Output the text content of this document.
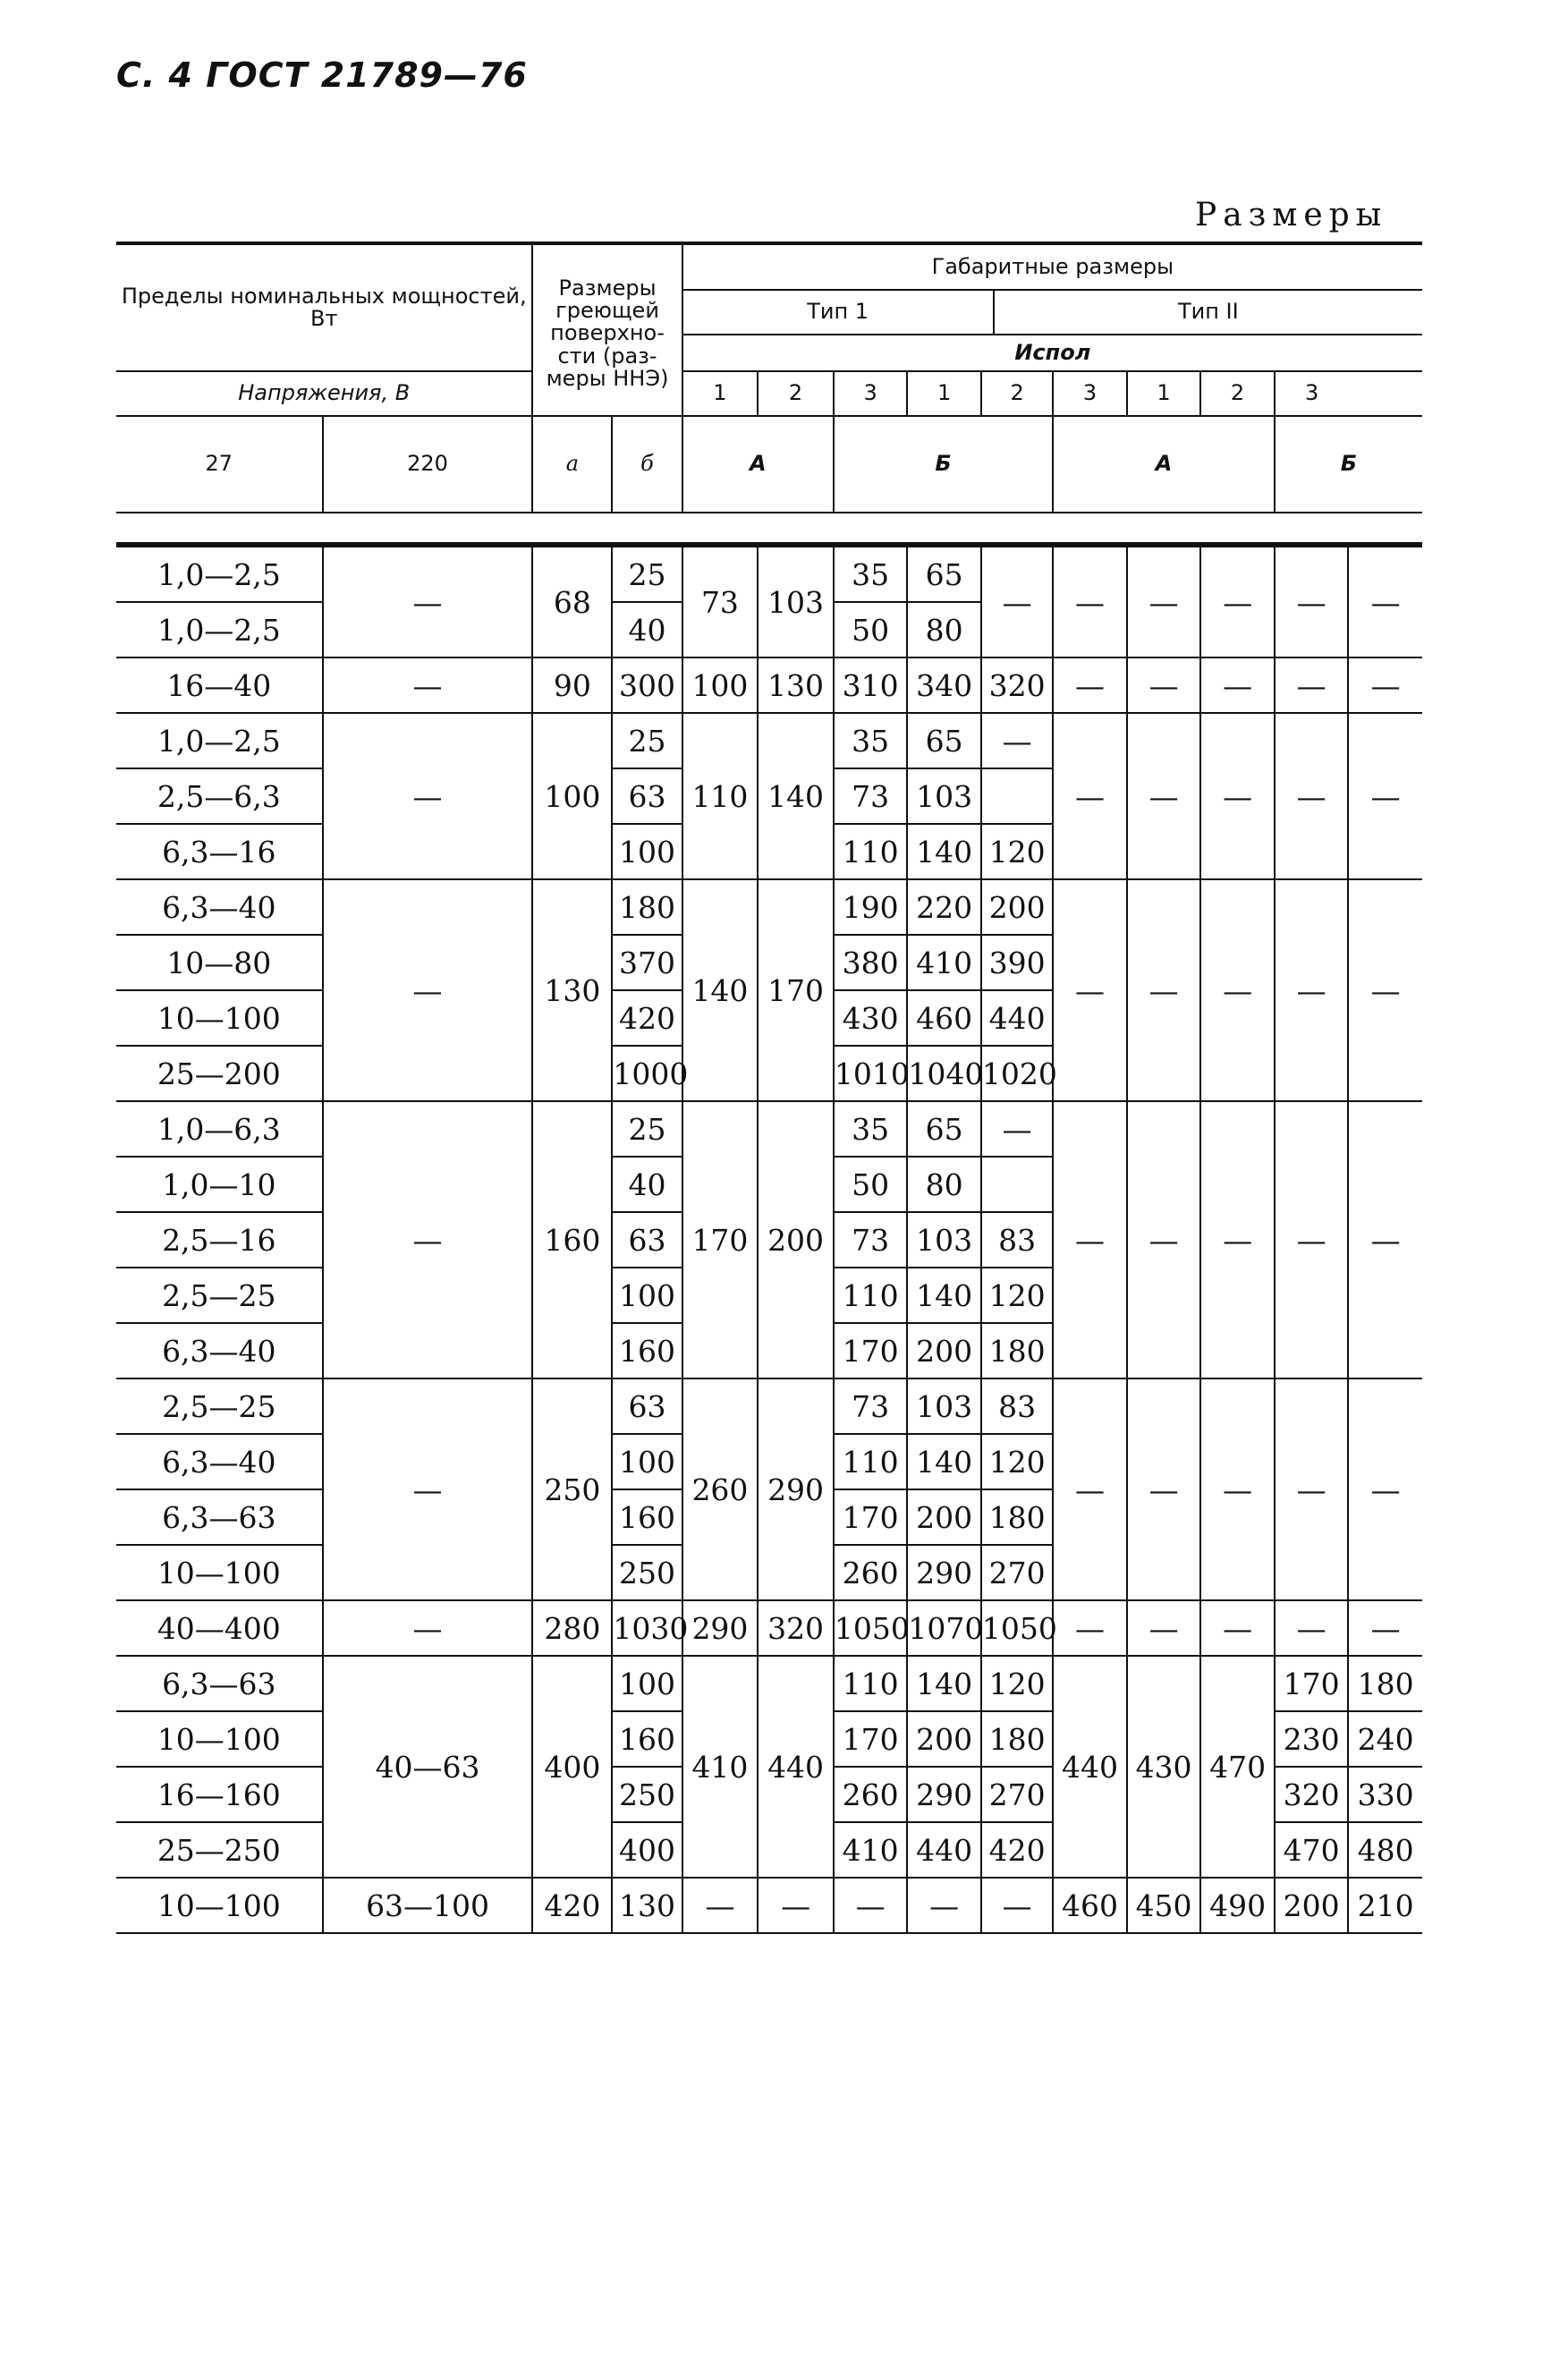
С. 4 ГОСТ 21789—76
Размеры
Пределы номинальных мощностей, Вт	Размеры греющей поверхно-сти (раз-меры ННЭ)	
Габаритные размеры
Тип 1	Тип II
Испол

Напряжения, В	1	2	3	1	2	3	1	2	3
27	220	а	б	А	Б	А	Б
1,0—2,5	—	68	25	73	103	35	65	—	—	—	—	—	—
1,0—2,5			40			50	80						
16—40	—	90	300	100	130	310	340	320	—	—	—	—	—
1,0—2,5	—	100	25	110	140	35	65	—	—	—	—	—	—
2,5—6,3			63			73	103						
6,3—16			100			110	140	120					
6,3—40	—	130	180	140	170	190	220	200	—	—	—	—	—
10—80			370			380	410	390					
10—100			420			430	460	440					
25—200			1000			1010	1040	1020					
1,0—6,3	—	160	25	170	200	35	65	—	—	—	—	—	—
1,0—10			40			50	80						
2,5—16			63			73	103	83					
2,5—25			100			110	140	120					
6,3—40			160			170	200	180					
2,5—25	—	250	63	260	290	73	103	83	—	—	—	—	—
6,3—40			100			110	140	120					
6,3—63			160			170	200	180					
10—100			250			260	290	270					
40—400	—	280	1030	290	320	1050	1070	1050	—	—	—	—	—
6,3—63	40—63	400	100	410	440	110	140	120	440	430	470	170	180
10—100			160			170	200	180				230	240
16—160			250			260	290	270				320	330
25—250			400			410	440	420				470	480
10—100	63—100	420	130	—	—	—	—	—	460	450	490	200	210
